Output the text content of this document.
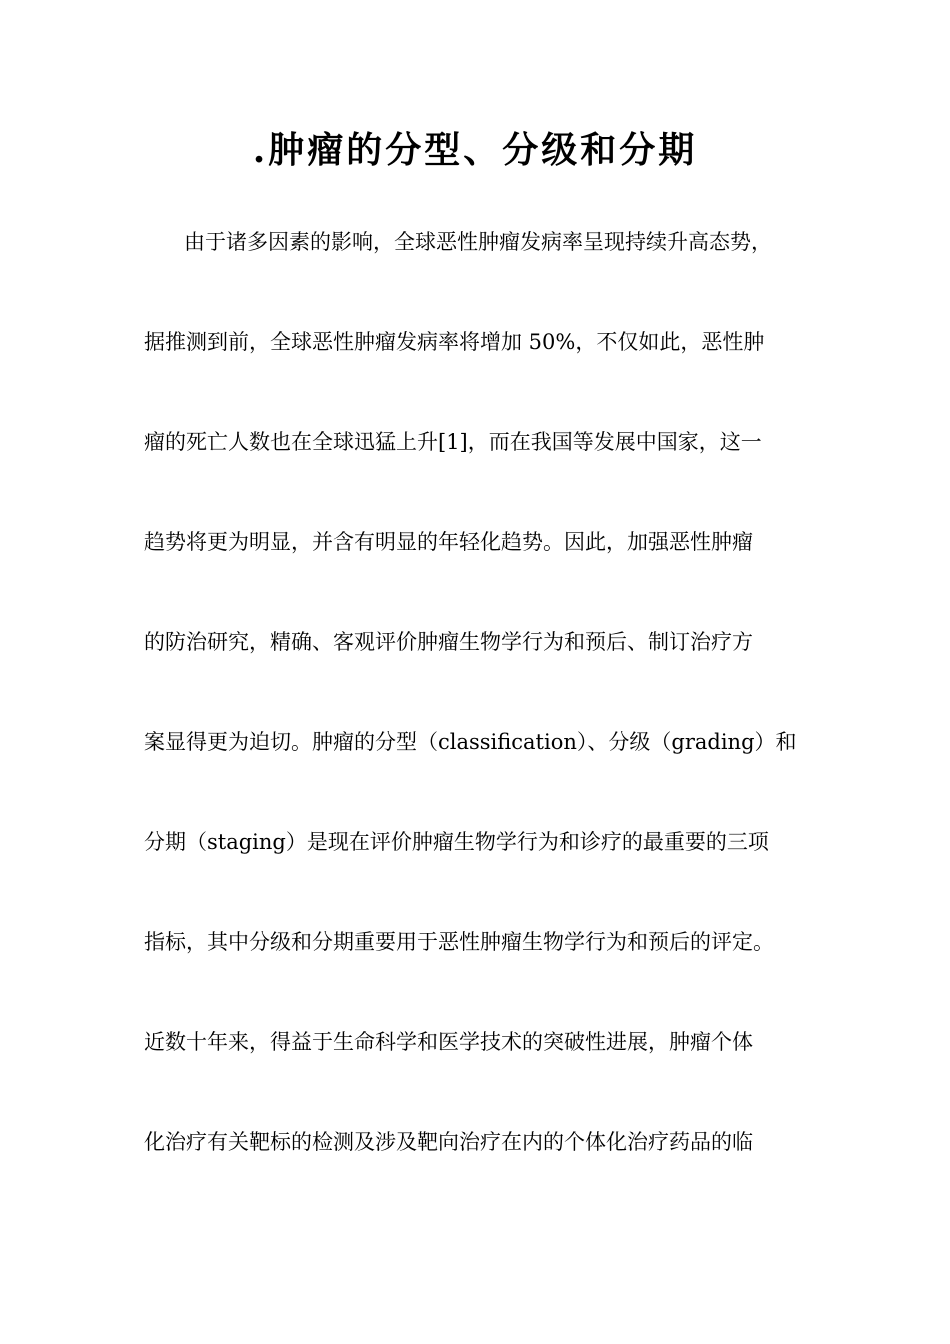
.肿瘤的分型、分级和分期
由于诸多因素的影响，全球恶性肿瘤发病率呈现持续升高态势，
据推测到前，全球恶性肿瘤发病率将增加 50%，不仅如此，恶性肿
瘤的死亡人数也在全球迅猛上升[1]，而在我国等发展中国家，这一
趋势将更为明显，并含有明显的年轻化趋势。因此，加强恶性肿瘤
的防治研究，精确、客观评价肿瘤生物学行为和预后、制订治疗方
案显得更为迫切。肿瘤的分型（classification）、分级（grading）和
分期（staging）是现在评价肿瘤生物学行为和诊疗的最重要的三项
指标，其中分级和分期重要用于恶性肿瘤生物学行为和预后的评定。
近数十年来，得益于生命科学和医学技术的突破性进展，肿瘤个体
化治疗有关靶标的检测及涉及靶向治疗在内的个体化治疗药品的临
